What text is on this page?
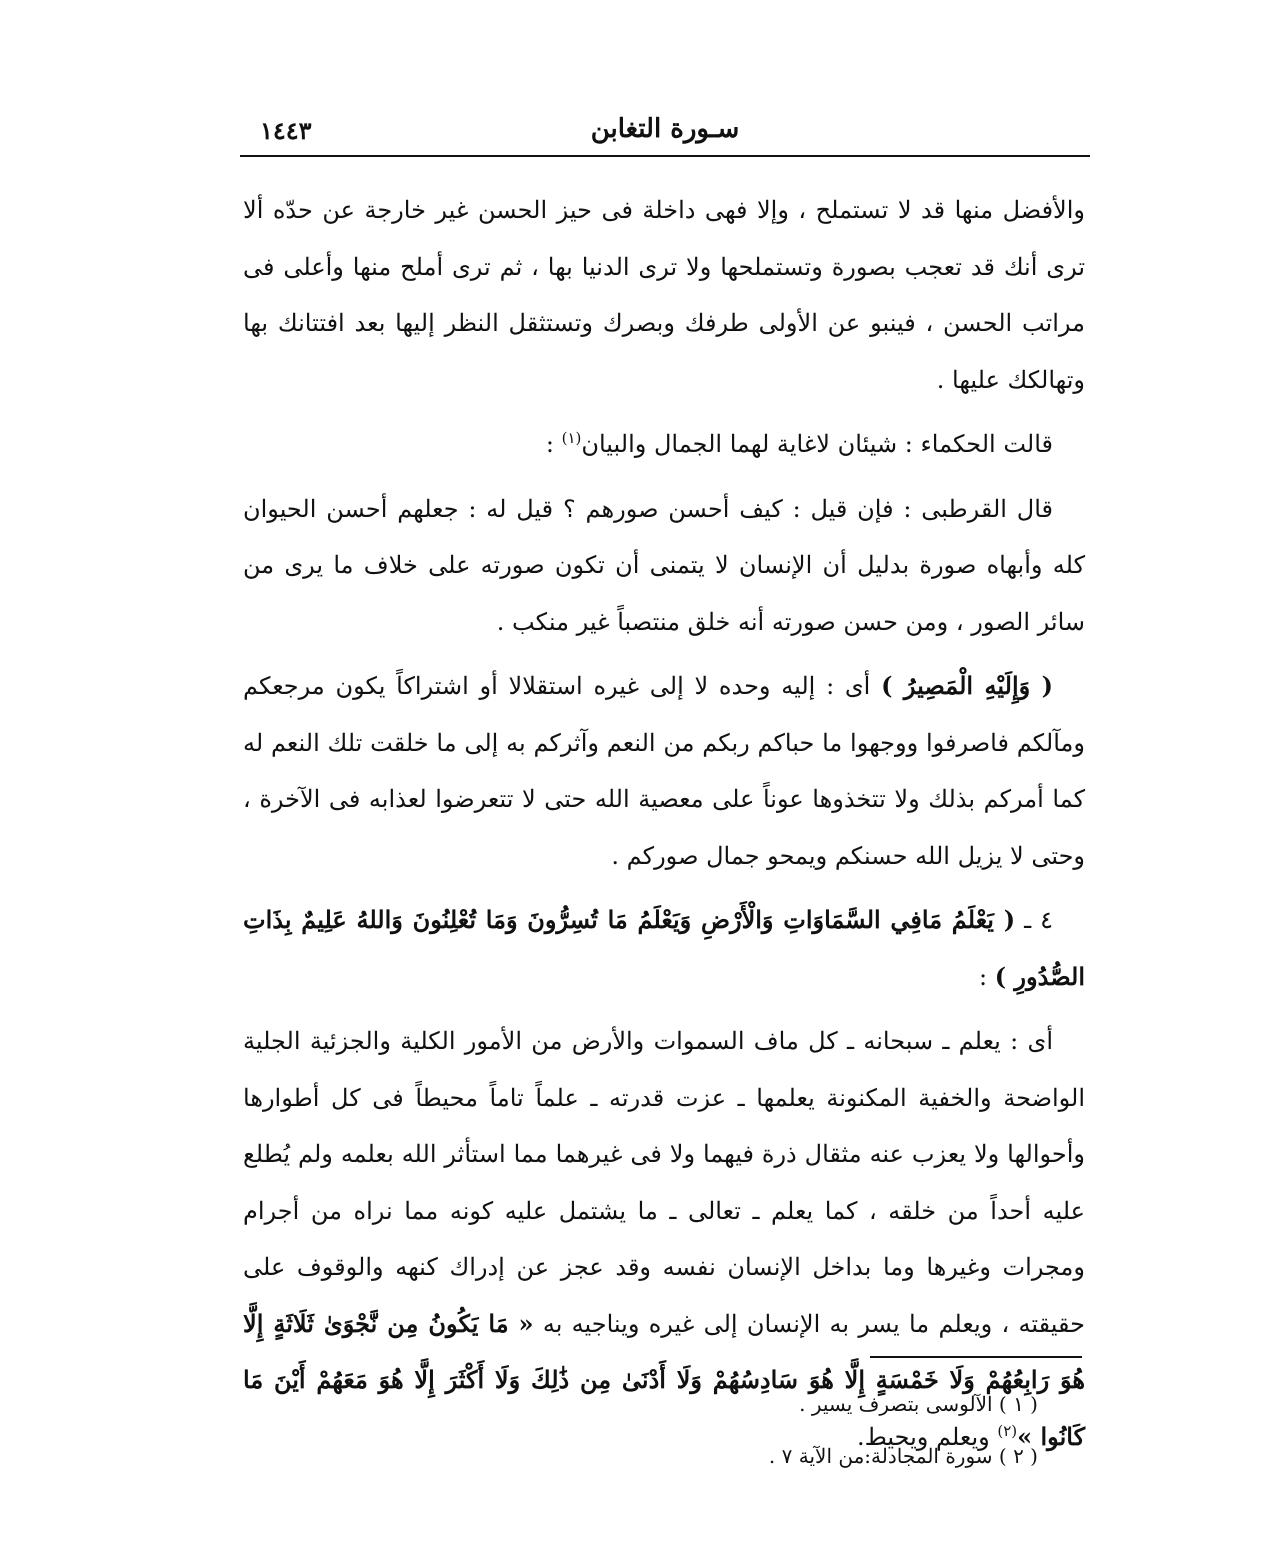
١٤٤٣	سـورة التغابن

والأفضل منها قد لا تستملح ، وإلا فهى داخلة فى حيز الحسن غير خارجة عن حدّه ألا ترى أنك قد تعجب بصورة وتستملحها ولا ترى الدنيا بها ، ثم ترى أملح منها وأعلى فى مراتب الحسن ، فينبو عن الأولى طرفك وبصرك وتستثقل النظر إليها بعد افتتانك بها وتهالكك عليها .

قالت الحكماء : شيئان لاغاية لهما الجمال والبيان$^{(١)}$ :

قال القرطبى : فإن قيل : كيف أحسن صورهم ؟ قيل له : جعلهم أحسن الحيوان كله وأبهاه صورة بدليل أن الإنسان لا يتمنى أن تكون صورته على خلاف ما يرى من سائر الصور ، ومن حسن صورته أنه خلق منتصباً غير منكب .

( وَإِلَيْهِ الْمَصِيرُ ) أى : إليه وحده لا إلى غيره استقلالا أو اشتراكاً يكون مرجعكم ومآلكم فاصرفوا ووجهوا ما حباكم ربكم من النعم وآثركم به إلى ما خلقت تلك النعم له كما أمركم بذلك ولا تتخذوها عوناً على معصية الله حتى لا تتعرضوا لعذابه فى الآخرة ، وحتى لا يزيل الله حسنكم ويمحو جمال صوركم .

٤ ـ ( يَعْلَمُ مَافِي السَّمَاوَاتِ وَالْأَرْضِ وَيَعْلَمُ مَا تُسِرُّونَ وَمَا تُعْلِنُونَ وَاللهُ عَلِيمٌ بِذَاتِ الصُّدُورِ ) :

أى : يعلم ـ سبحانه ـ كل ماف السموات والأرض من الأمور الكلية والجزئية الجلية الواضحة والخفية المكنونة يعلمها ـ عزت قدرته ـ علماً تاماً محيطاً فى كل أطوارها وأحوالها ولا يعزب عنه مثقال ذرة فيهما ولا فى غيرهما مما استأثر الله بعلمه ولم يُطلع عليه أحداً من خلقه ، كما يعلم ـ تعالى ـ ما يشتمل عليه كونه مما نراه من أجرام ومجرات وغيرها وما بداخل الإنسان نفسه وقد عجز عن إدراك كنهه والوقوف على حقيقته ، ويعلم ما يسر به الإنسان إلى غيره ويناجيه به « مَا يَكُونُ مِن نَّجْوَىٰ ثَلَاثَةٍ إِلَّا هُوَ رَابِعُهُمْ وَلَا خَمْسَةٍ إِلَّا هُوَ سَادِسُهُمْ وَلَا أَدْنَىٰ مِن ذَٰلِكَ وَلَا أَكْثَرَ إِلَّا هُوَ مَعَهُمْ أَيْنَ مَا كَانُوا »$^{(٢)}$ ويعلم ويحيط.

( ١ ) الآلوسى بتصرف يسير .

( ٢ ) سورة المجادلة:من الآية ٧ .
